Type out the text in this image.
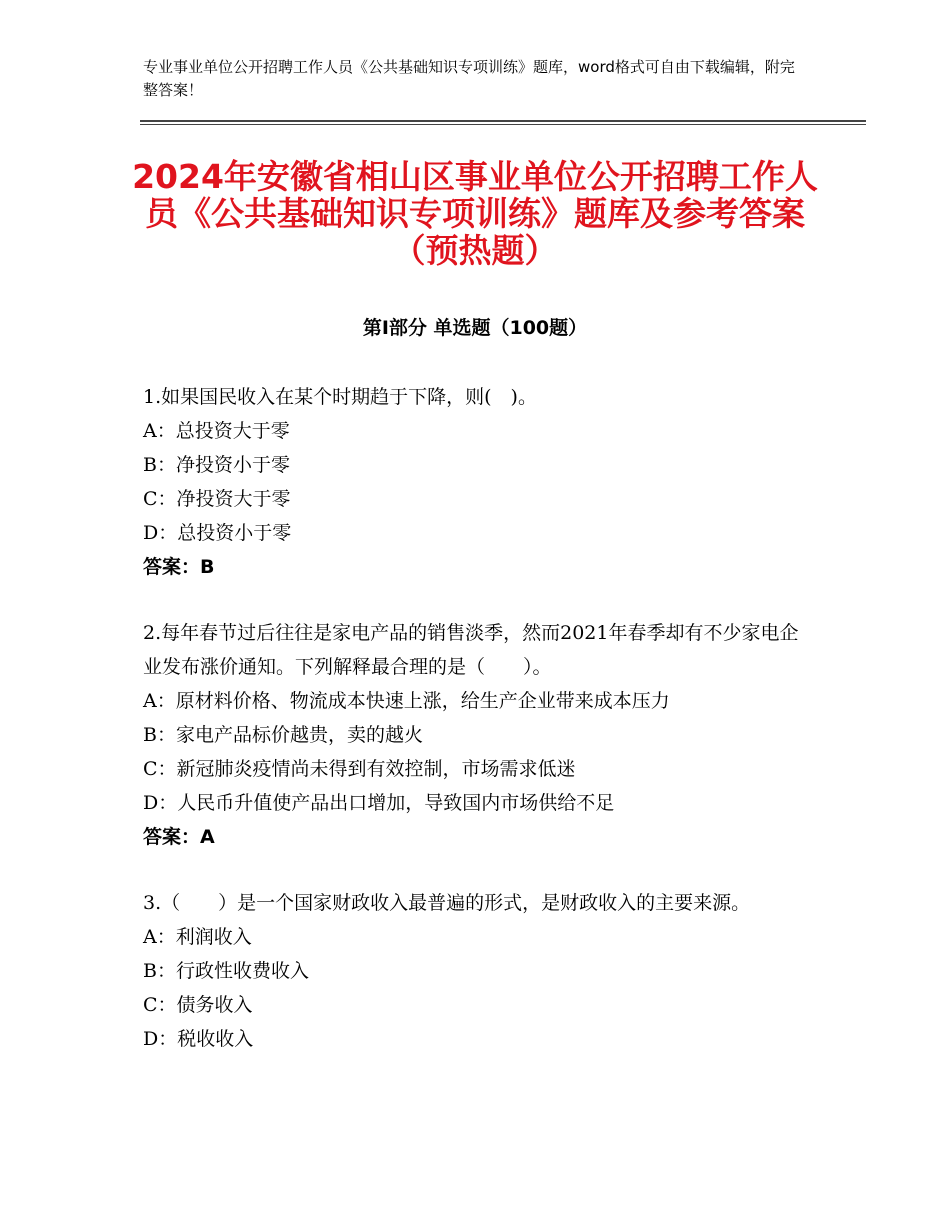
专业事业单位公开招聘工作人员《公共基础知识专项训练》题库，word格式可自由下载编辑，附完整答案！
2024年安徽省相山区事业单位公开招聘工作人员《公共基础知识专项训练》题库及参考答案（预热题）
第Ⅰ部分 单选题（100题）
1.如果国民收入在某个时期趋于下降，则(　)。
A：总投资大于零
B：净投资小于零
C：净投资大于零
D：总投资小于零
答案：B
2.每年春节过后往往是家电产品的销售淡季，然而2021年春季却有不少家电企业发布涨价通知。下列解释最合理的是（　　）。
A：原材料价格、物流成本快速上涨，给生产企业带来成本压力
B：家电产品标价越贵，卖的越火
C：新冠肺炎疫情尚未得到有效控制，市场需求低迷
D：人民币升值使产品出口增加，导致国内市场供给不足
答案：A
3.（　　）是一个国家财政收入最普遍的形式，是财政收入的主要来源。
A：利润收入
B：行政性收费收入
C：债务收入
D：税收收入
